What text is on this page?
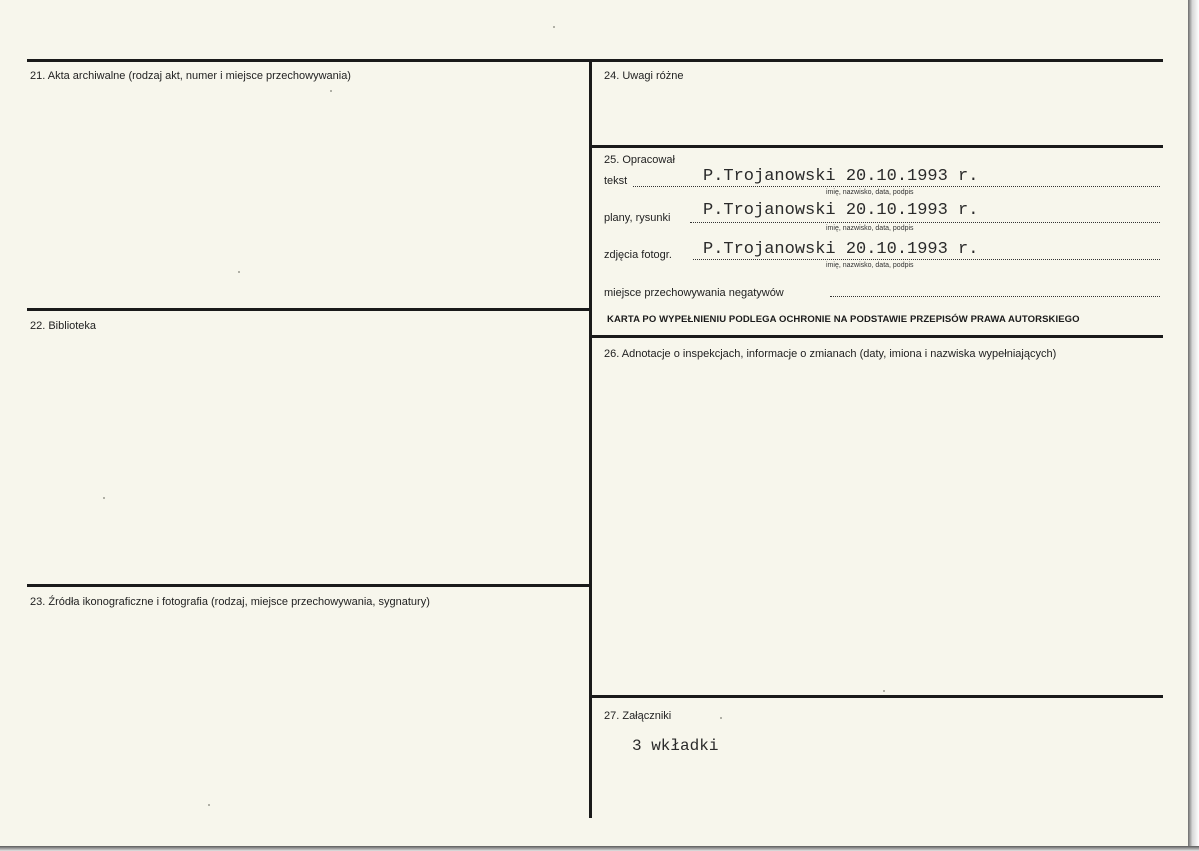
21. Akta archiwalne (rodzaj akt, numer i miejsce przechowywania)
22. Biblioteka
23. Źródła ikonograficzne i fotografia (rodzaj, miejsce przechowywania, sygnatury)
24. Uwagi różne
25. Opracował
tekst	P.Trojanowski 20.10.1993 r.
imię, nazwisko, data, podpis
plany, rysunki P.Trojanowski 20.10.1993 r.
imię, nazwisko, data, podpis
zdjęcia fotogr. P.Trojanowski 20.10.1993 r.
imię, nazwisko, data, podpis
miejsce przechowywania negatywów
KARTA PO WYPEŁNIENIU PODLEGA OCHRONIE NA PODSTAWIE PRZEPISÓW PRAWA AUTORSKIEGO
26. Adnotacje o inspekcjach, informacje o zmianach (daty, imiona i nazwiska wypełniających)
27. Załączniki
3 wkładki
